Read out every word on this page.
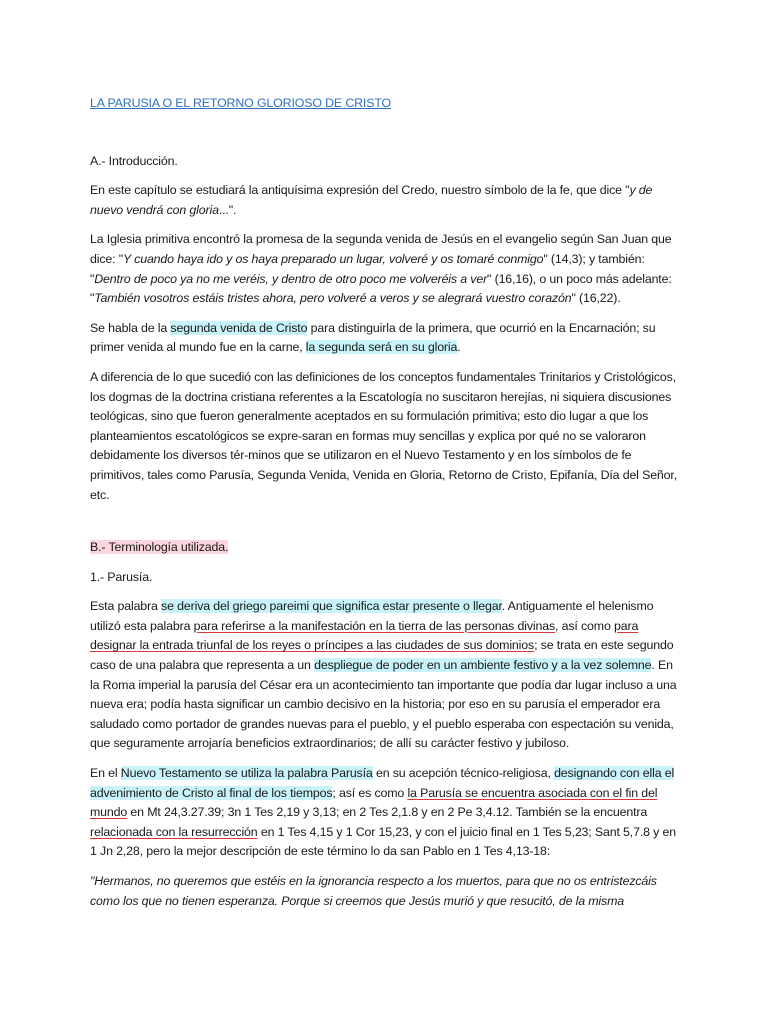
LA PARUSIA O EL RETORNO GLORIOSO DE CRISTO

A.- Introducción.

En este capítulo se estudiará la antiquísima expresión del Credo, nuestro símbolo de la fe, que dice "y de nuevo vendrá con gloria...".

La Iglesia primitiva encontró la promesa de la segunda venida de Jesús en el evangelio según San Juan que dice: "Y cuando haya ido y os haya preparado un lugar, volveré y os tomaré conmigo" (14,3); y también: "Dentro de poco ya no me veréis, y dentro de otro poco me volveréis a ver" (16,16), o un poco más adelante: "También vosotros estáis tristes ahora, pero volveré a veros y se alegrará vuestro corazón" (16,22).

Se habla de la segunda venida de Cristo para distinguirla de la primera, que ocurrió en la Encarnación; su primer venida al mundo fue en la carne, la segunda será en su gloria.

A diferencia de lo que sucedió con las definiciones de los conceptos fundamentales Trinitarios y Cristológicos, los dogmas de la doctrina cristiana referentes a la Escatología no suscitaron herejías, ni siquiera discusiones teológicas, sino que fueron generalmente aceptados en su formulación primitiva; esto dio lugar a que los planteamientos escatológicos se expre-saran en formas muy sencillas y explica por qué no se valoraron debidamente los diversos tér-minos que se utilizaron en el Nuevo Testamento y en los símbolos de fe primitivos, tales como Parusía, Segunda Venida, Venida en Gloria, Retorno de Cristo, Epifanía, Día del Señor, etc.

B.- Terminología utilizada.

1.- Parusía.

Esta palabra se deriva del griego pareimi que significa estar presente o llegar. Antiguamente el helenismo utilizó esta palabra para referirse a la manifestación en la tierra de las personas divinas, así como para designar la entrada triunfal de los reyes o príncipes a las ciudades de sus dominios; se trata en este segundo caso de una palabra que representa a un despliegue de poder en un ambiente festivo y a la vez solemne. En la Roma imperial la parusía del César era un acontecimiento tan importante que podía dar lugar incluso a una nueva era; podía hasta significar un cambio decisivo en la historia; por eso en su parusía el emperador era saludado como portador de grandes nuevas para el pueblo, y el pueblo esperaba con espectación su venida, que seguramente arrojaría beneficios extraordinarios; de allí su carácter festivo y jubiloso.

En el Nuevo Testamento se utiliza la palabra Parusía en su acepción técnico-religiosa, designando con ella el advenimiento de Cristo al final de los tiempos; así es como la Parusía se encuentra asociada con el fin del mundo en Mt 24,3.27.39; 3n 1 Tes 2,19 y 3,13; en 2 Tes 2,1.8 y en 2 Pe 3,4.12. También se la encuentra relacionada con la resurrección en 1 Tes 4,15 y 1 Cor 15,23, y con el juicio final en 1 Tes 5,23; Sant 5,7.8 y en 1 Jn 2,28, pero la mejor descripción de este término lo da san Pablo en 1 Tes 4,13-18:

"Hermanos, no queremos que estéis en la ignorancia respecto a los muertos, para que no os entristezcáis como los que no tienen esperanza. Porque si creemos que Jesús murió y que resucitó, de la misma
